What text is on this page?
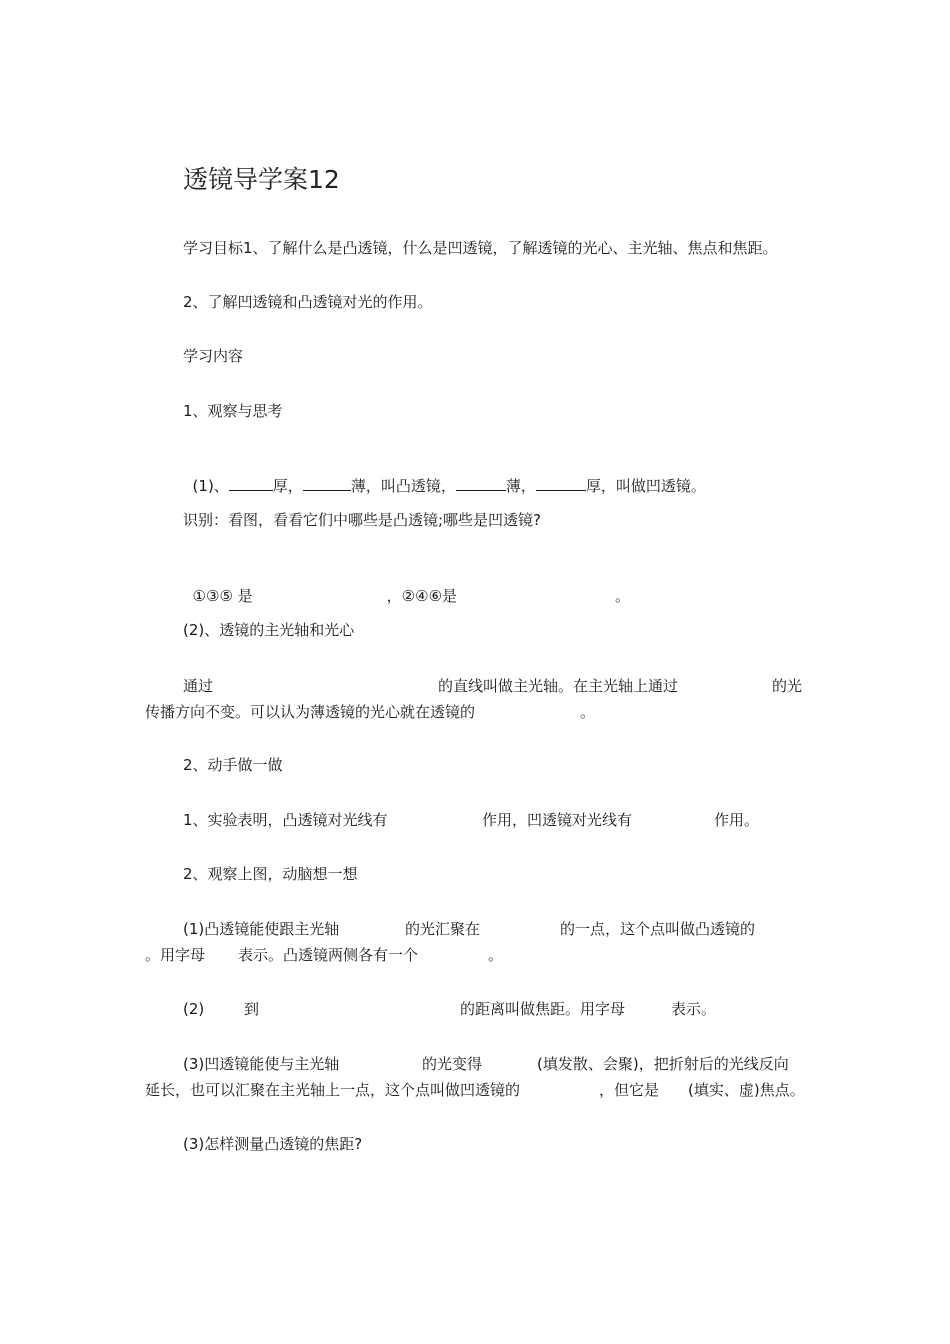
透镜导学案12
学习目标1、了解什么是凸透镜，什么是凹透镜，了解透镜的光心、主光轴、焦点和焦距。
2、了解凹透镜和凸透镜对光的作用。
学习内容
1、观察与思考

(1)、	厚，	薄，叫凸透镜，	薄，	厚，叫做凹透镜。

识别：看图，看看它们中哪些是凸透镜;哪些是凹透镜?

①③⑤ 是	，②④⑥是	。

(2)、透镜的主光轴和光心
通过	的直线叫做主光轴。在主光轴上通过	的光
传播方向不变。可以认为薄透镜的光心就在透镜的	。
2、动手做一做
1、实验表明，凸透镜对光线有	作用，凹透镜对光线有	作用。
2、观察上图，动脑想一想
(1)凸透镜能使跟主光轴	的光汇聚在	的一点，这个点叫做凸透镜的
。用字母 表示。凸透镜两侧各有一个	。
(2)	到	的距离叫做焦距。用字母	表示。
(3)凹透镜能使与主光轴	的光变得	(填发散、会聚)，把折射后的光线反向
延长，也可以汇聚在主光轴上一点，这个点叫做凹透镜的	，但它是 (填实、虚)焦点。
(3)怎样测量凸透镜的焦距?
